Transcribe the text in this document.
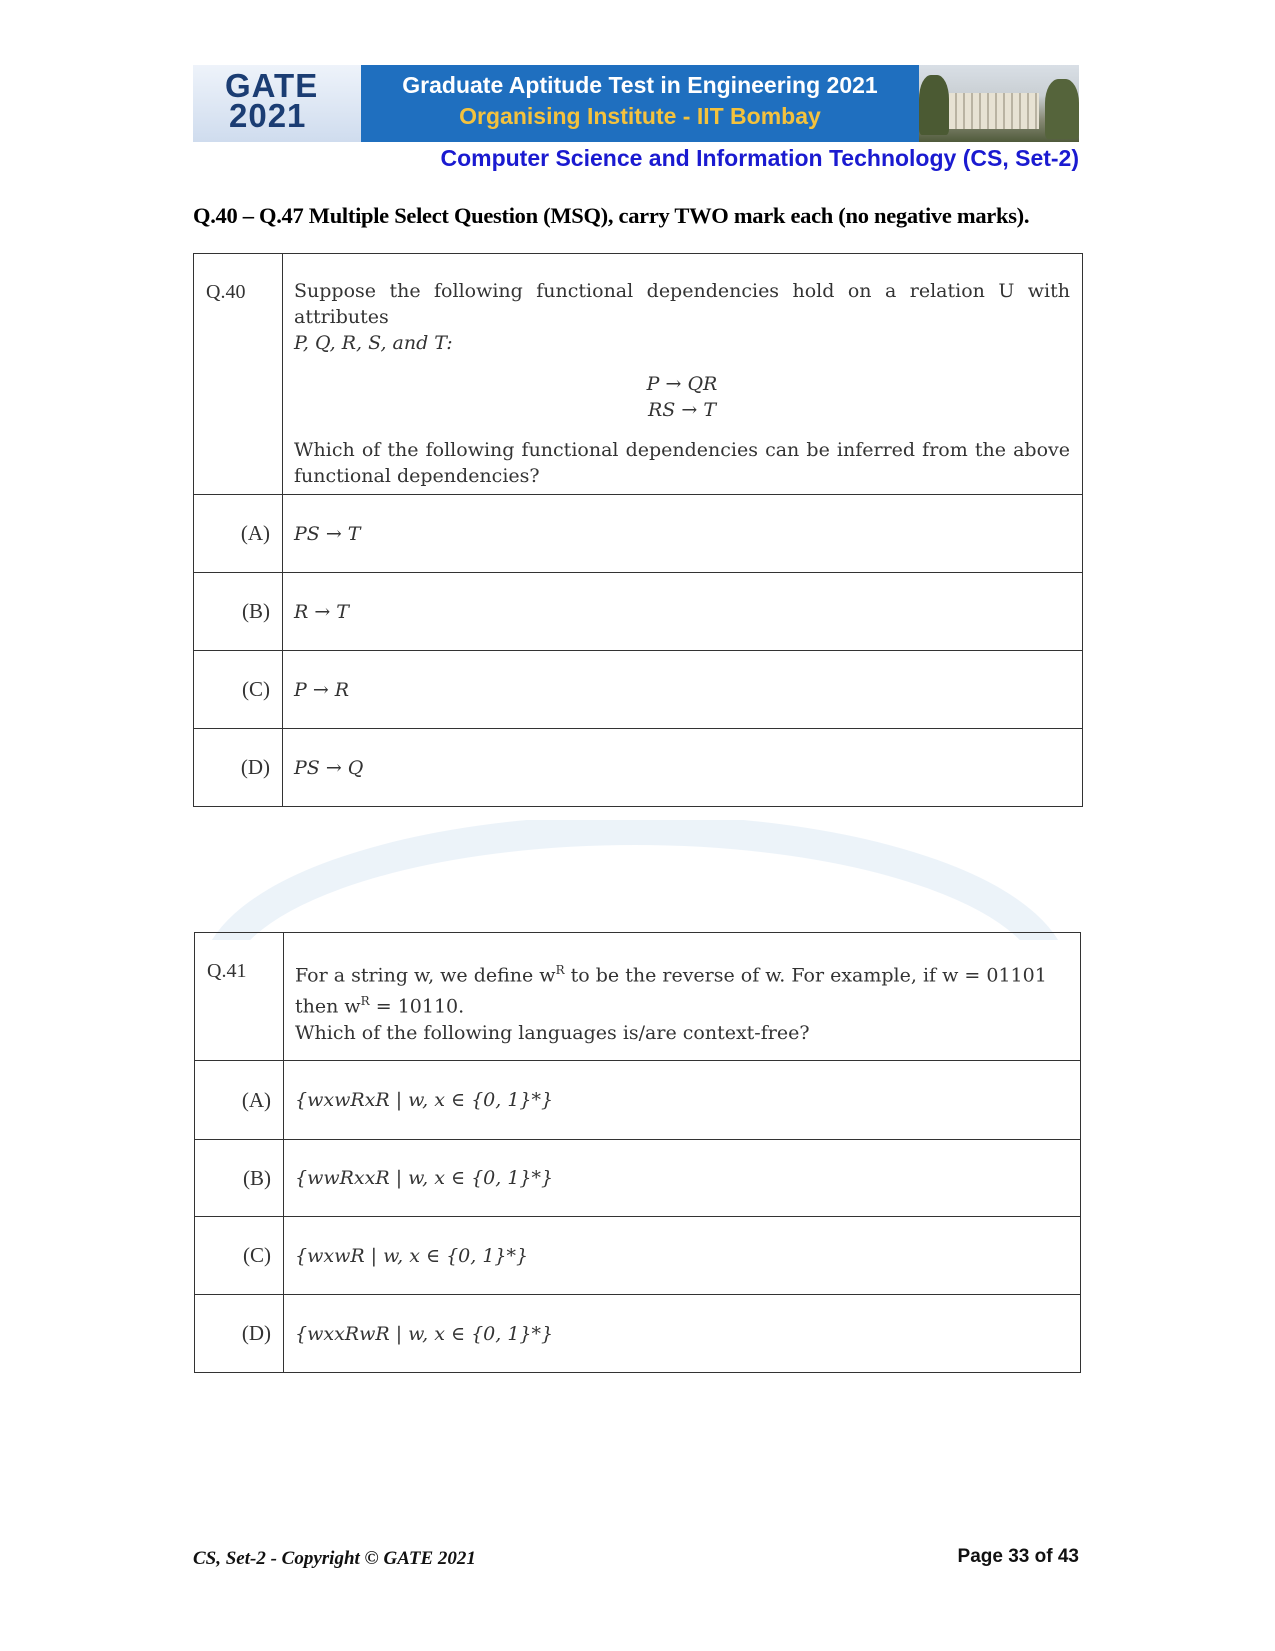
GATE
2021
Graduate Aptitude Test in Engineering 2021
Organising Institute - IIT Bombay
Computer Science and Information Technology (CS, Set-2)
Q.40 – Q.47 Multiple Select Question (MSQ), carry TWO mark each (no negative marks).
Q.40	Suppose the following functional dependencies hold on a relation U with attributes
P, Q, R, S, and T:
P → QR
RS → T
Which of the following functional dependencies can be inferred from the above functional dependencies?

(A)	PS → T
(B)	R → T
(C)	P → R
(D)	PS → Q
Q.41	For a string w, we define $w^R$ to be the reverse of w. For example, if w = 01101
then $w^R = 10110$.
Which of the following languages is/are context-free?

(A)	{wxwRxR | w, x ∈ {0, 1}*}
(B)	{wwRxxR | w, x ∈ {0, 1}*}
(C)	{wxwR | w, x ∈ {0, 1}*}
(D)	{wxxRwR | w, x ∈ {0, 1}*}
CS, Set-2 - Copyright © GATE 2021	Page 33 of 43
